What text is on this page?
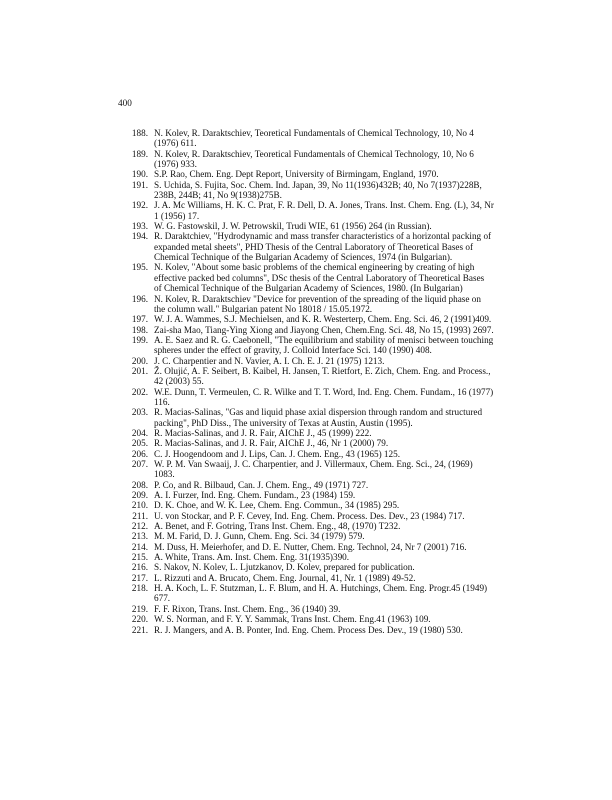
400
188. N. Kolev, R. Daraktschiev, Teoretical Fundamentals of Chemical Technology, 10, No 4 (1976) 611.
189. N. Kolev, R. Daraktschiev, Teoretical Fundamentals of Chemical Technology, 10, No 6 (1976) 933.
190. S.P. Rao, Chem. Eng. Dept Report, University of Birmingam, England, 1970.
191. S. Uchida, S. Fujita, Soc. Chem. Ind. Japan, 39, No 11(1936)432B; 40, No 7(1937)228B, 238B, 244B; 41, No 9(1938)275B.
192. J. A. Mc Williams, H. K. C. Prat, F. R. Dell, D. A. Jones, Trans. Inst. Chem. Eng. (L), 34, Nr 1 (1956) 17.
193. W. G. Fastowskil, J. W. Petrowskil, Trudi WIE, 61 (1956) 264 (in Russian).
194. R. Daraktchiev, "Hydrodynamic and mass transfer characteristics of a horizontal packing of expanded metal sheets", PHD Thesis of the Central Laboratory of Theoretical Bases of Chemical Technique of the Bulgarian Academy of Sciences, 1974 (in Bulgarian).
195. N. Kolev, "About some basic problems of the chemical engineering by creating of high effective packed bed columns", DSc thesis of the Central Laboratory of Theoretical Bases of Chemical Technique of the Bulgarian Academy of Sciences, 1980. (In Bulgarian)
196. N. Kolev, R. Daraktschiev "Device for prevention of the spreading of the liquid phase on the column wall." Bulgarian patent No 18018 / 15.05.1972.
197. W. J. A. Wammes, S.J. Mechielsen, and K. R. Westerterp, Chem. Eng. Sci. 46, 2 (1991)409.
198. Zai-sha Mao, Tiang-Ying Xiong and Jiayong Chen, Chem.Eng. Sci. 48, No 15, (1993) 2697.
199. A. E. Saez and R. G. Caebonell, "The equilibrium and stability of menisci between touching spheres under the effect of gravity, J. Colloid Interface Sci. 140 (1990) 408.
200. J. C. Charpentier and N. Vavier, A. I. Ch. E. J. 21 (1975) 1213.
201. Ž. Olujić, A. F. Seibert, B. Kaibel, H. Jansen, T. Rietfort, E. Zich, Chem. Eng. and Process., 42 (2003) 55.
202. W.E. Dunn, T. Vermeulen, C. R. Wilke and T. T. Word, Ind. Eng. Chem. Fundam., 16 (1977) 116.
203. R. Macias-Salinas, "Gas and liquid phase axial dispersion through random and structured packing", PhD Diss., The university of Texas at Austin, Austin (1995).
204. R. Macias-Salinas, and J. R. Fair, AIChE J., 45 (1999) 222.
205. R. Macias-Salinas, and J. R. Fair, AIChE J., 46, Nr 1 (2000) 79.
206. C. J. Hoogendoom and J. Lips, Can. J. Chem. Eng., 43 (1965) 125.
207. W. P. M. Van Swaaij, J. C. Charpentier, and J. Villermaux, Chem. Eng. Sci., 24, (1969) 1083.
208. P. Co, and R. Bilbaud, Can. J. Chem. Eng., 49 (1971) 727.
209. A. I. Furzer, Ind. Eng. Chem. Fundam., 23 (1984) 159.
210. D. K. Choe, and W. K. Lee, Chem. Eng. Commun., 34 (1985) 295.
211. U. von Stockar, and P. F. Cevey, Ind. Eng. Chem. Process. Des. Dev., 23 (1984) 717.
212. A. Benet, and F. Gotring, Trans Inst. Chem. Eng., 48, (1970) T232.
213. M. M. Farid, D. J. Gunn, Chem. Eng. Sci. 34 (1979) 579.
214. M. Duss, H. Meierhofer, and D. E. Nutter, Chem. Eng. Technol, 24, Nr 7 (2001) 716.
215. A. White, Trans. Am. Inst. Chem. Eng. 31(1935)390.
216. S. Nakov, N. Kolev, L. Ljutzkanov, D. Kolev, prepared for publication.
217. L. Rizzuti and A. Brucato, Chem. Eng. Journal, 41, Nr. 1 (1989) 49-52.
218. H. A. Koch, L. F. Stutzman, L. F. Blum, and H. A. Hutchings, Chem. Eng. Progr.45 (1949) 677.
219. F. F. Rixon, Trans. Inst. Chem. Eng., 36 (1940) 39.
220. W. S. Norman, and F. Y. Y. Sammak, Trans Inst. Chem. Eng.41 (1963) 109.
221. R. J. Mangers, and A. B. Ponter, Ind. Eng. Chem. Process Des. Dev., 19 (1980) 530.
